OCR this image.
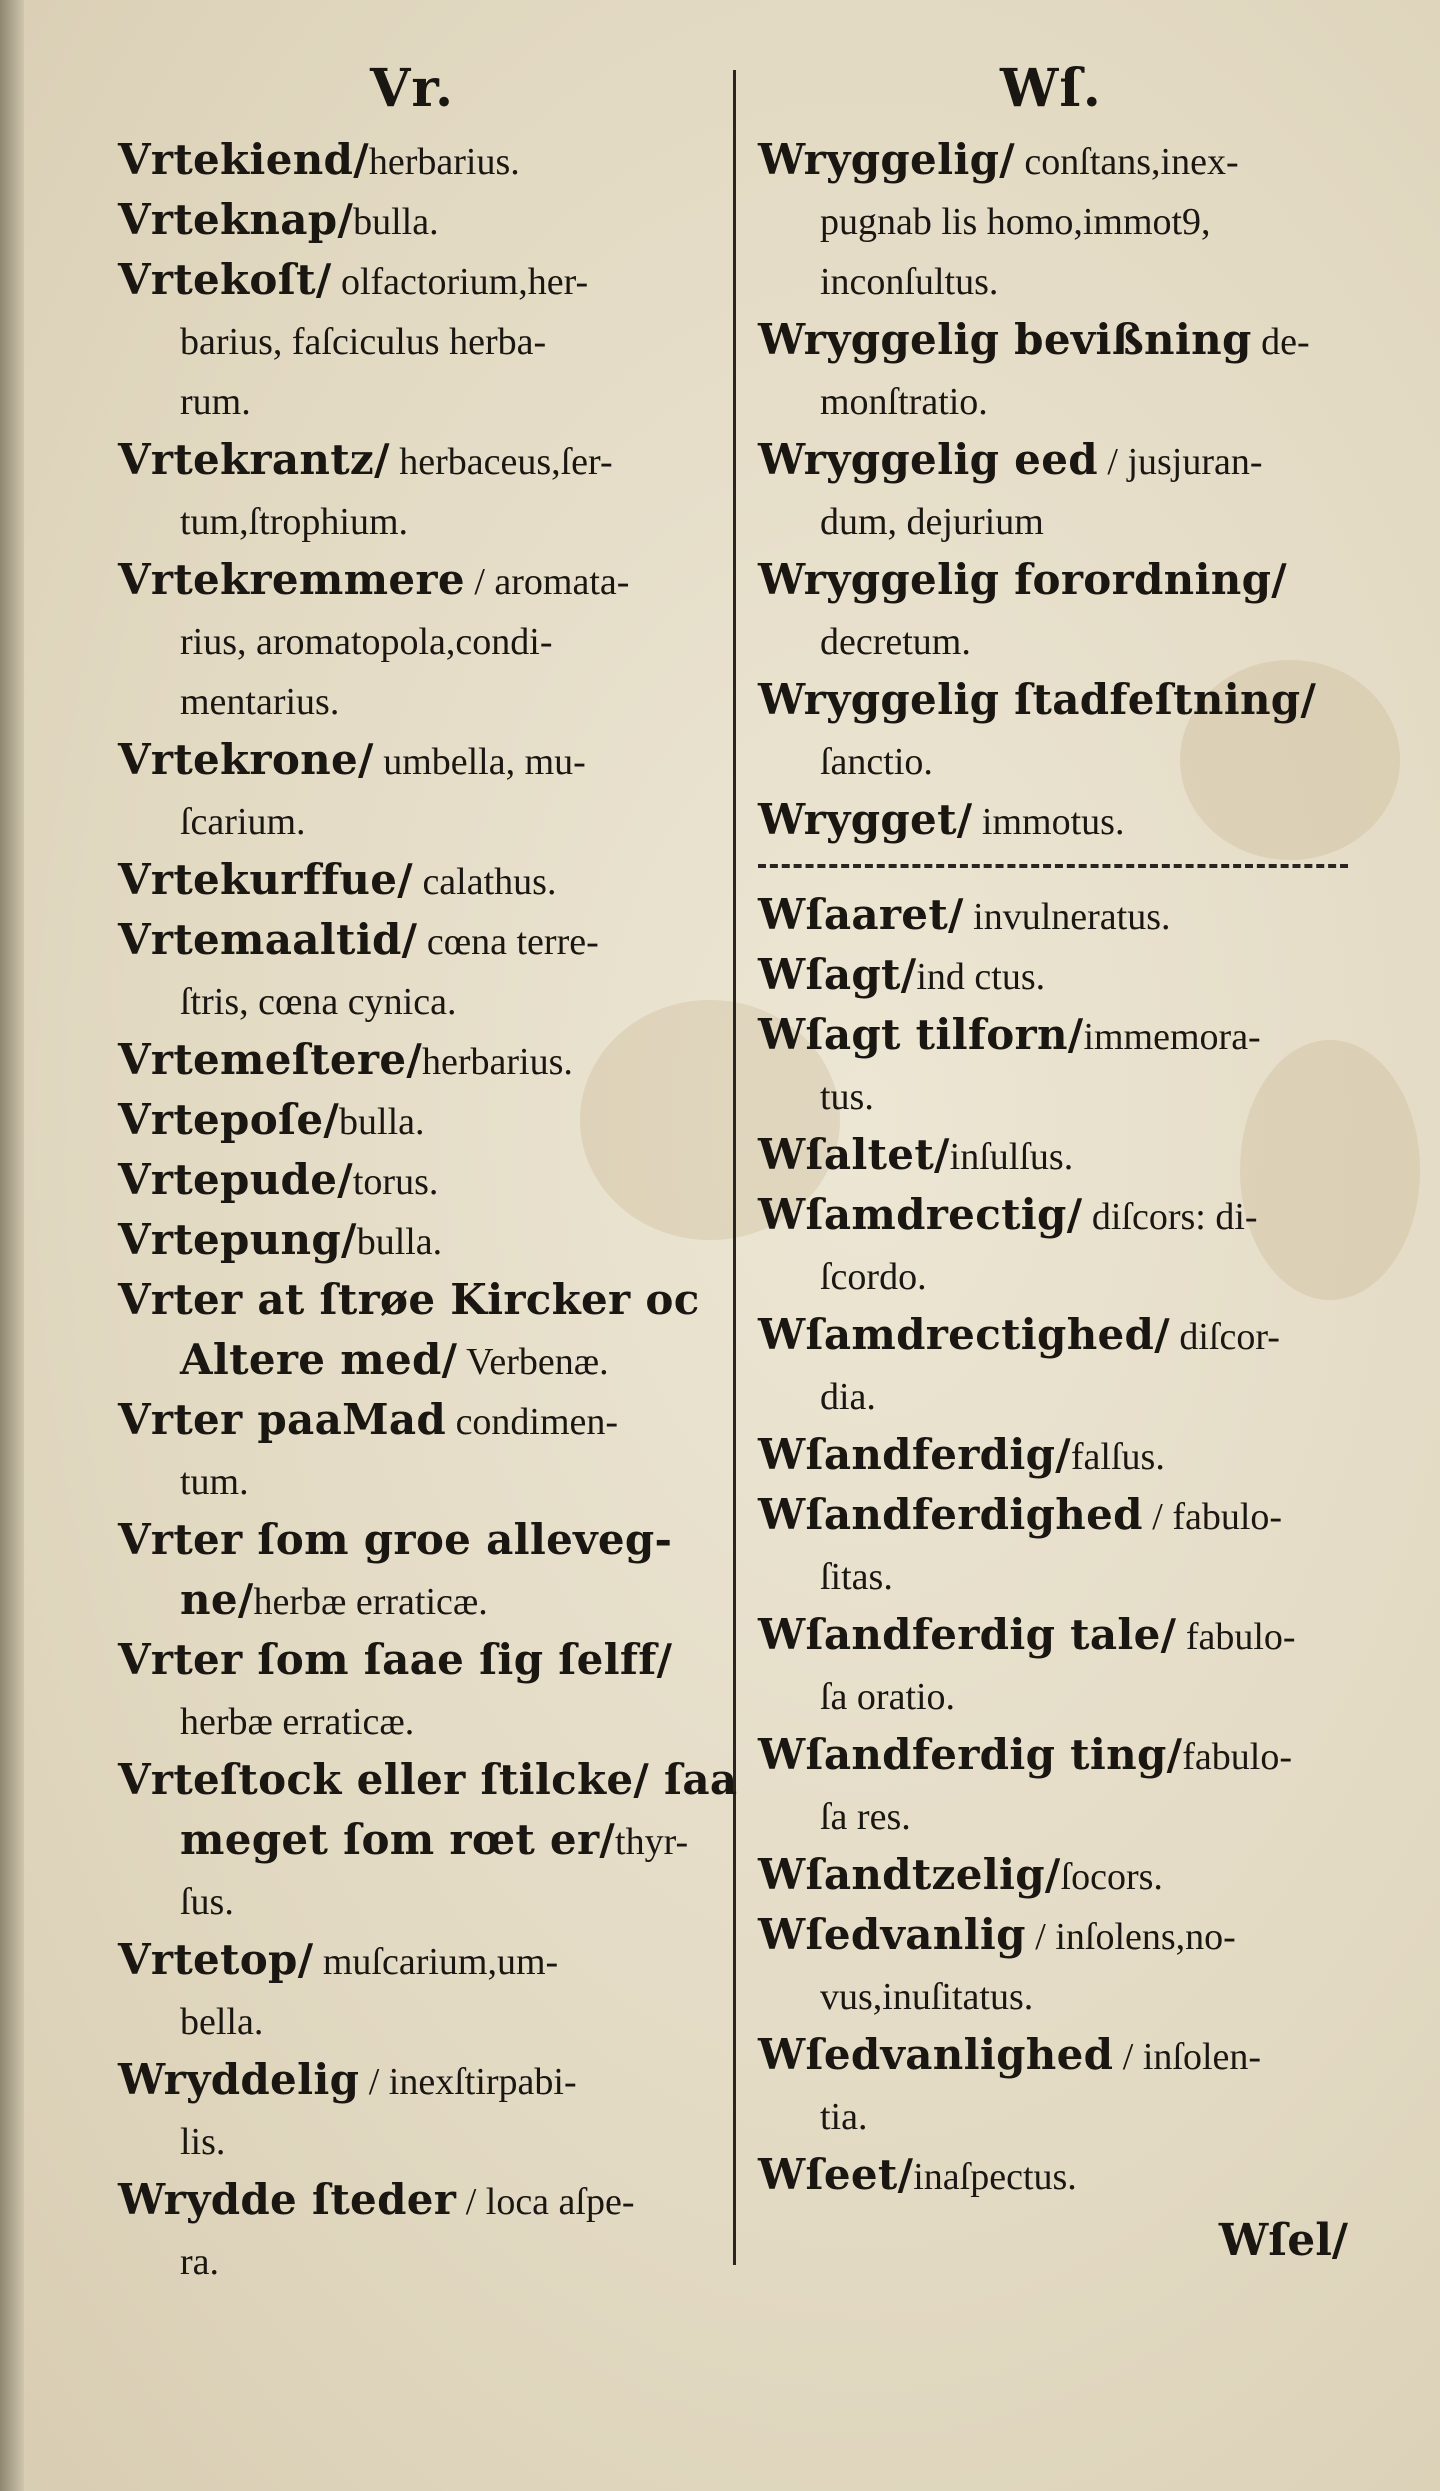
Vr.	Wſ.
Vrtekiend/herbarius.
Vrteknap/bulla.
Vrtekoſt/ olfactorium,her-
barius, faſciculus herba-
rum.
Vrtekrantz/ herbaceus,ſer-
tum,ſtrophium.
Vrtekremmere / aromata-
rius, aromatopola,condi-
mentarius.
Vrtekrone/ umbella, mu-
ſcarium.
Vrtekurffue/ calathus.
Vrtemaaltid/ cœna terre-
ſtris, cœna cynica.
Vrtemeſtere/herbarius.
Vrtepoſe/bulla.
Vrtepude/torus.
Vrtepung/bulla.
Vrter at ſtrøe Kircker oc
Altere med/ Verbenæ.
Vrter paaMad condimen-
tum.
Vrter ſom groe alleveg-
ne/herbæ erraticæ.
Vrter ſom ſaae ſig ſelff/
herbæ erraticæ.
Vrteſtock eller ſtilcke/ ſaa
meget ſom rœt er/thyr-
ſus.
Vrtetop/ muſcarium,um-
bella.
Wryddelig / inexſtirpabi-
lis.
Wrydde ſteder / loca aſpe-
ra.
Wryggelig/ conſtans,inex-
pugnab lis homo,immot9,
inconſultus.
Wryggelig bevißning de-
monſtratio.
Wryggelig eed / jusjuran-
dum, dejurium
Wryggelig forordning/
decretum.
Wryggelig ſtadfeſtning/
ſanctio.
Wrygget/ immotus.
Wſaaret/ invulneratus.
Wſagt/ind ctus.
Wſagt tilforn/immemora-
tus.
Wſaltet/inſulſus.
Wſamdrectig/ diſcors: di-
ſcordo.
Wſamdrectighed/ diſcor-
dia.
Wſandferdig/falſus.
Wſandferdighed / fabulo-
ſitas.
Wſandferdig tale/ fabulo-
ſa oratio.
Wſandferdig ting/fabulo-
ſa res.
Wſandtzelig/ſocors.
Wſedvanlig / inſolens,no-
vus,inuſitatus.
Wſedvanlighed / inſolen-
tia.
Wſeet/inaſpectus.
Wſel/
